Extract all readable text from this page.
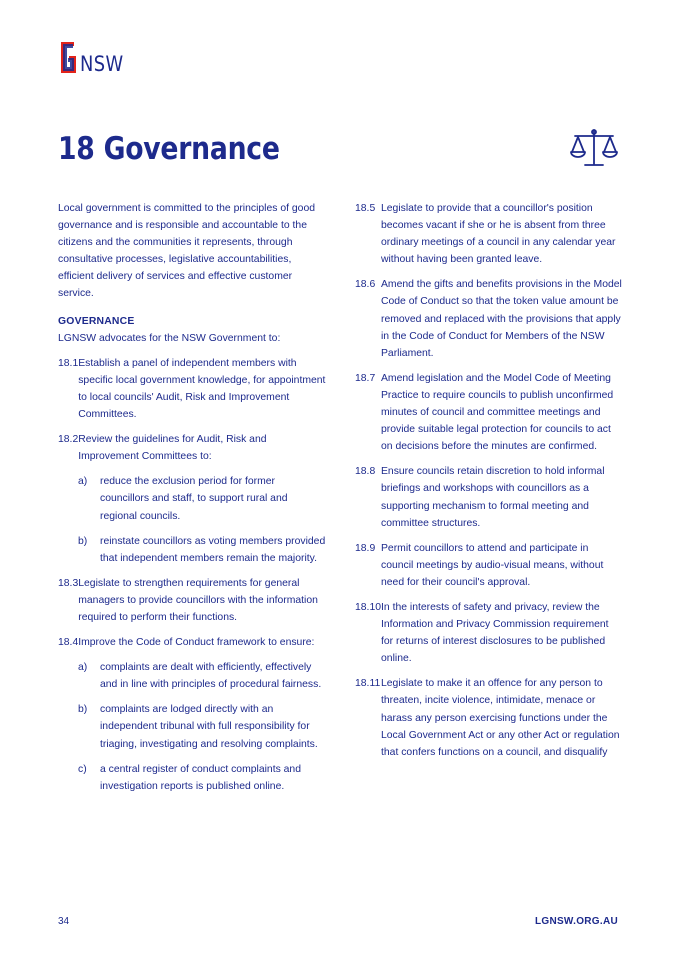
NSW
18 Governance

Local government is committed to the principles of good governance and is responsible and accountable to the citizens and the communities it represents, through consultative processes, legislative accountabilities, efficient delivery of services and effective customer service.

GOVERNANCE

LGNSW advocates for the NSW Government to:

18.1 Establish a panel of independent members with specific local government knowledge, for appointment to local councils' Audit, Risk and Improvement Committees.
18.2 Review the guidelines for Audit, Risk and Improvement Committees to:
a)	reduce the exclusion period for former councillors and staff, to support rural and regional councils.
b)	reinstate councillors as voting members provided that independent members remain the majority.
18.3 Legislate to strengthen requirements for general managers to provide councillors with the information required to perform their functions.
18.4 Improve the Code of Conduct framework to ensure:
a)	complaints are dealt with efficiently, effectively and in line with principles of procedural fairness.
b)	complaints are lodged directly with an independent tribunal with full responsibility for triaging, investigating and resolving complaints.
c)	a central register of conduct complaints and investigation reports is published online.
18.5 Legislate to provide that a councillor's position becomes vacant if she or he is absent from three ordinary meetings of a council in any calendar year without having been granted leave.
18.6 Amend the gifts and benefits provisions in the Model Code of Conduct so that the token value amount be removed and replaced with the provisions that apply in the Code of Conduct for Members of the NSW Parliament.
18.7 Amend legislation and the Model Code of Meeting Practice to require councils to publish unconfirmed minutes of council and committee meetings and provide suitable legal protection for councils to act on decisions before the minutes are confirmed.
18.8 Ensure councils retain discretion to hold informal briefings and workshops with councillors as a supporting mechanism to formal meeting and committee structures.
18.9 Permit councillors to attend and participate in council meetings by audio-visual means, without need for their council's approval.
18.10 In the interests of safety and privacy, review the Information and Privacy Commission requirement for returns of interest disclosures to be published online.
18.11 Legislate to make it an offence for any person to threaten, incite violence, intimidate, menace or harass any person exercising functions under the Local Government Act or any other Act or regulation that confers functions on a council, and disqualify
34	LGNSW.ORG.AU
